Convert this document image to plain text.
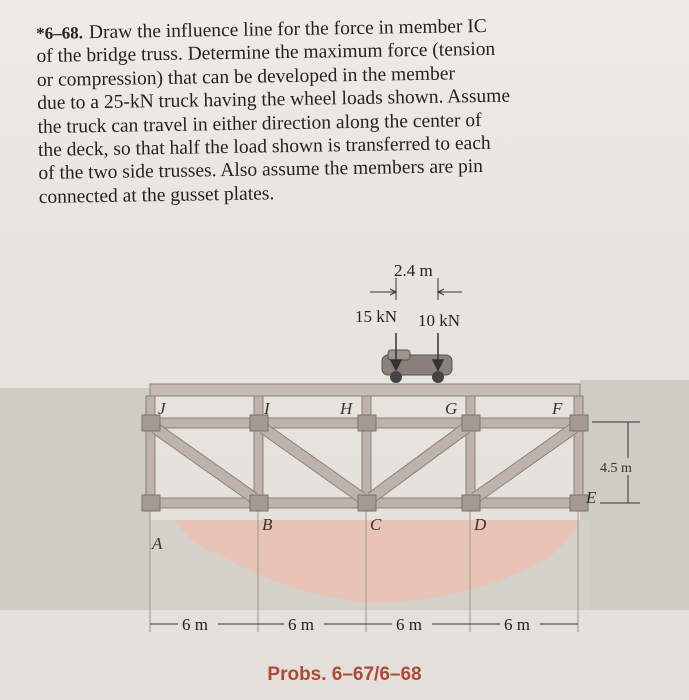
*6–68. Draw the influence line for the force in member IC
of the bridge truss. Determine the maximum force (tension
or compression) that can be developed in the member
due to a 25-kN truck having the wheel loads shown. Assume
the truck can travel in either direction along the center of
the deck, so that half the load shown is transferred to each
of the two side trusses. Also assume the members are pin
connected at the gusset plates.
2.4 m
15 kN 10 kN
J	I	H	G	F
A
B	C	D
E
4.5 m
6 m	6 m	6 m	6 m
Probs. 6–67/6–68
